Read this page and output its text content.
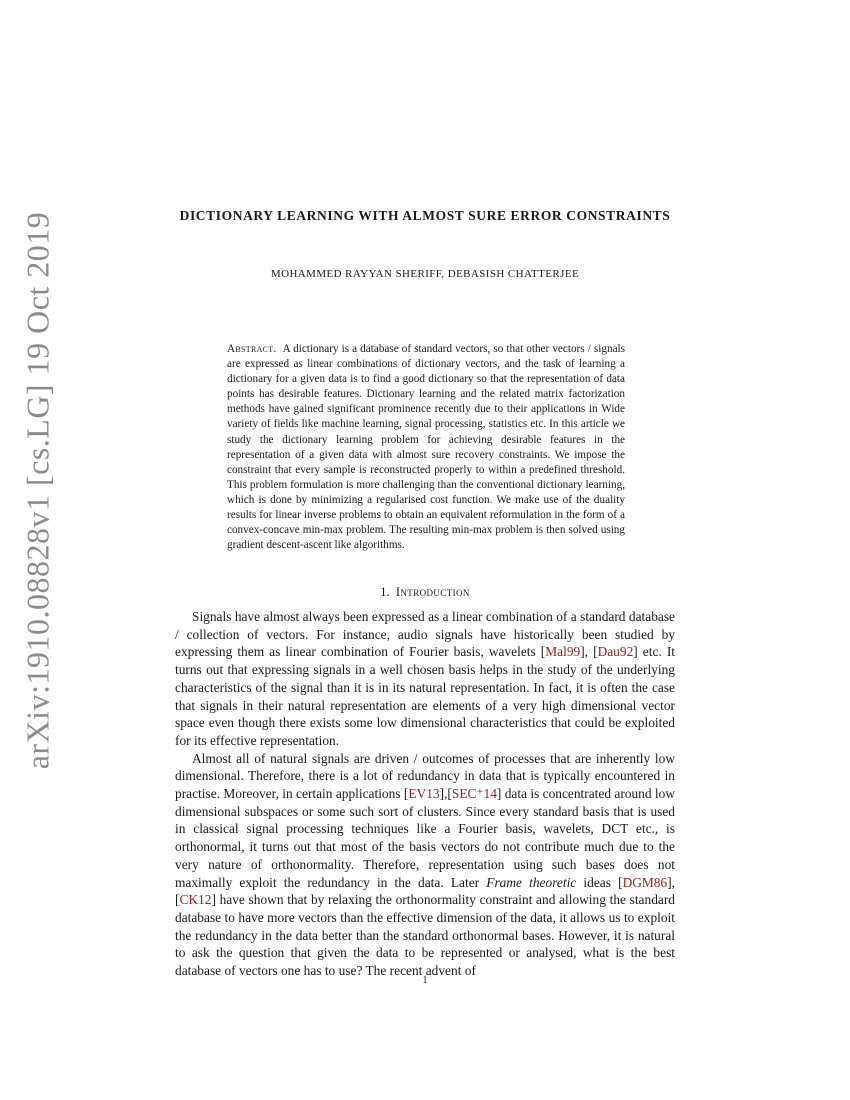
arXiv:1910.08828v1 [cs.LG] 19 Oct 2019	DICTIONARY LEARNING WITH ALMOST SURE ERROR CONSTRAINTS
MOHAMMED RAYYAN SHERIFF, DEBASISH CHATTERJEE
Abstract. A dictionary is a database of standard vectors, so that other vectors / signals are expressed as linear combinations of dictionary vectors, and the task of learning a dictionary for a given data is to find a good dictionary so that the representation of data points has desirable features. Dictionary learning and the related matrix factorization methods have gained significant prominence recently due to their applications in Wide variety of fields like machine learning, signal processing, statistics etc. In this article we study the dictionary learning problem for achieving desirable features in the representation of a given data with almost sure recovery constraints. We impose the constraint that every sample is reconstructed properly to within a predefined threshold. This problem formulation is more challenging than the conventional dictionary learning, which is done by minimizing a regularised cost function. We make use of the duality results for linear inverse problems to obtain an equivalent reformulation in the form of a convex-concave min-max problem. The resulting min-max problem is then solved using gradient descent-ascent like algorithms.
1. Introduction

Signals have almost always been expressed as a linear combination of a standard database / collection of vectors. For instance, audio signals have historically been studied by expressing them as linear combination of Fourier basis, wavelets [Mal99], [Dau92] etc. It turns out that expressing signals in a well chosen basis helps in the study of the underlying characteristics of the signal than it is in its natural representation. In fact, it is often the case that signals in their natural representation are elements of a very high dimensional vector space even though there exists some low dimensional characteristics that could be exploited for its effective representation.

Almost all of natural signals are driven / outcomes of processes that are inherently low dimensional. Therefore, there is a lot of redundancy in data that is typically encountered in practise. Moreover, in certain applications [EV13],[SEC⁺14] data is concentrated around low dimensional subspaces or some such sort of clusters. Since every standard basis that is used in classical signal processing techniques like a Fourier basis, wavelets, DCT etc., is orthonormal, it turns out that most of the basis vectors do not contribute much due to the very nature of orthonormality. Therefore, representation using such bases does not maximally exploit the redundancy in the data. Later Frame theoretic ideas [DGM86], [CK12] have shown that by relaxing the orthonormality constraint and allowing the standard database to have more vectors than the effective dimension of the data, it allows us to exploit the redundancy in the data better than the standard orthonormal bases. However, it is natural to ask the question that given the data to be represented or analysed, what is the best database of vectors one has to use? The recent advent of

1
